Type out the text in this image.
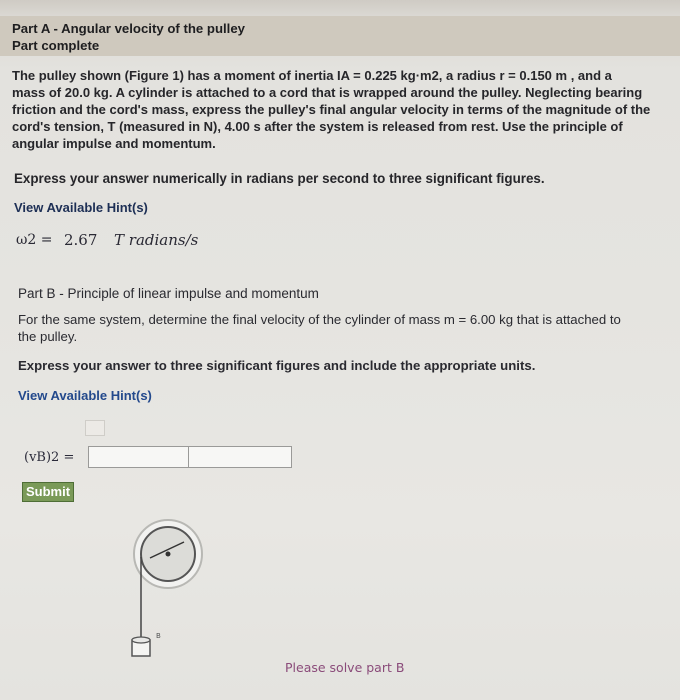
Part A - Angular velocity of the pulley
Part complete
The pulley shown (Figure 1) has a moment of inertia IA = 0.225 kg·m2, a radius r = 0.150 m , and a
mass of 20.0 kg. A cylinder is attached to a cord that is wrapped around the pulley. Neglecting bearing
friction and the cord's mass, express the pulley's final angular velocity in terms of the magnitude of the
cord's tension, T (measured in N), 4.00 s after the system is released from rest. Use the principle of
angular impulse and momentum.
Express your answer numerically in radians per second to three significant figures.
View Available Hint(s)
ω2 = 2.67 T radians/s
Part B - Principle of linear impulse and momentum
For the same system, determine the final velocity of the cylinder of mass m = 6.00 kg that is attached to
the pulley.
Express your answer to three significant figures and include the appropriate units.
View Available Hint(s)
(vB)2 =
Submit
B
Please solve part B
